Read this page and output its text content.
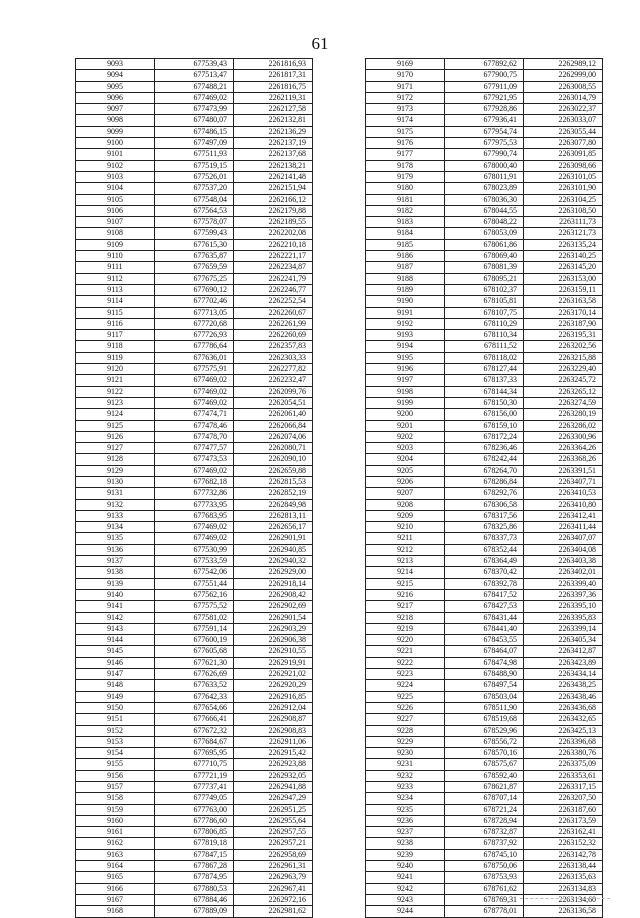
61
9093	677539,43	2261816,93
9094	677513,47	2261817,31
9095	677488,21	2261816,75
9096	677469,02	2262119,31
9097	677473,99	2262127,58
9098	677480,07	2262132,81
9099	677486,15	2262136,29
9100	677497,09	2262137,19
9101	677511,93	2262137,68
9102	677519,15	2262138,21
9103	677526,01	2262141,48
9104	677537,20	2262151,94
9105	677548,04	2262166,12
9106	677564,53	2262179,88
9107	677578,07	2262189,55
9108	677599,43	2262202,08
9109	677615,30	2262210,18
9110	677635,87	2262221,17
9111	677659,59	2262234,87
9112	677675,25	2262241,79
9113	677690,12	2262246,77
9114	677702,46	2262252,54
9115	677713,05	2262260,67
9116	677720,68	2262261,99
9117	677726,93	2262260,69
9118	677786,64	2262357,83
9119	677636,01	2262303,33
9120	677575,91	2262277,82
9121	677469,02	2262232,47
9122	677469,02	2262099,76
9123	677469,02	2262054,51
9124	677474,71	2262061,40
9125	677478,46	2262066,84
9126	677478,70	2262074,06
9127	677477,57	2262080,71
9128	677473,53	2262090,10
9129	677469,02	2262659,88
9130	677682,18	2262815,53
9131	677732,86	2262852,19
9132	677733,95	2262849,98
9133	677683,95	2262813,11
9134	677469,02	2262656,17
9135	677469,02	2262901,91
9136	677530,99	2262940,85
9137	677533,59	2262940,32
9138	677542,06	2262929,00
9139	677551,44	2262918,14
9140	677562,16	2262908,42
9141	677575,52	2262902,69
9142	677581,02	2262901,54
9143	677591,14	2262903,29
9144	677600,19	2262906,38
9145	677605,68	2262910,55
9146	677621,30	2262919,91
9147	677626,69	2262921,02
9148	677633,52	2262920,29
9149	677642,33	2262916,85
9150	677654,66	2262912,04
9151	677666,41	2262908,87
9152	677672,32	2262908,83
9153	677684,67	2262911,06
9154	677695,95	2262915,42
9155	677710,75	2262923,88
9156	677721,19	2262932,05
9157	677737,41	2262941,88
9158	677749,05	2262947,29
9159	677763,00	2262951,25
9160	677786,60	2262955,64
9161	677806,85	2262957,55
9162	677819,18	2262957,21
9163	677847,15	2262958,69
9164	677867,28	2262961,31
9165	677874,95	2262963,79
9166	677880,53	2262967,41
9167	677884,46	2262972,16
9168	677889,09	2262981,62
9169	677892,62	2262989,12
9170	677900,75	2262999,00
9171	677911,09	2263008,55
9172	677921,95	2263014,79
9173	677928,86	2263022,37
9174	677936,41	2263033,07
9175	677954,74	2263055,44
9176	677975,53	2263077,80
9177	677990,74	2263091,85
9178	678000,40	2263098,66
9179	678011,91	2263101,05
9180	678023,89	2263101,90
9181	678036,30	2263104,25
9182	678044,55	2263108,50
9183	678048,22	2263111,73
9184	678053,09	2263121,73
9185	678061,86	2263135,24
9186	678069,40	2263140,25
9187	678081,39	2263145,20
9188	678095,21	2263153,00
9189	678102,37	2263159,11
9190	678105,81	2263163,58
9191	678107,75	2263170,14
9192	678110,29	2263187,90
9193	678110,34	2263195,31
9194	678111,52	2263202,56
9195	678118,02	2263215,88
9196	678127,44	2263229,40
9197	678137,33	2263245,72
9198	678144,34	2263265,12
9199	678150,30	2263274,59
9200	678156,00	2263280,19
9201	678159,10	2263286,02
9202	678172,24	2263300,96
9203	678236,46	2263364,26
9204	678242,44	2263368,26
9205	678264,70	2263391,51
9206	678286,84	2263407,71
9207	678292,76	2263410,53
9208	678306,58	2263410,80
9209	678317,56	2263412,41
9210	678325,86	2263411,44
9211	678337,73	2263407,07
9212	678352,44	2263404,08
9213	678364,49	2263403,38
9214	678370,42	2263402,01
9215	678392,78	2263399,40
9216	678417,52	2263397,36
9217	678427,53	2263395,10
9218	678431,44	2263395,83
9219	678441,40	2263399,14
9220	678453,55	2263405,34
9221	678464,07	2263412,87
9222	678474,98	2263423,89
9223	678488,90	2263434,14
9224	678497,54	2263438,25
9225	678503,04	2263438,46
9226	678511,90	2263436,68
9227	678519,68	2263432,65
9228	678529,96	2263425,13
9229	678556,72	2263396,68
9230	678570,16	2263380,76
9231	678575,67	2263375,09
9232	678592,40	2263353,61
9233	678621,87	2263317,15
9234	678707,14	2263207,50
9235	678721,24	2263187,60
9236	678728,94	2263173,59
9237	678732,87	2263162,41
9238	678737,92	2263152,32
9239	678745,10	2263142,78
9240	678750,06	2263138,44
9241	678753,93	2263135,63
9242	678761,62	2263134,83
9243	678769,31	2263134,60
9244	678778,01	2263136,58
